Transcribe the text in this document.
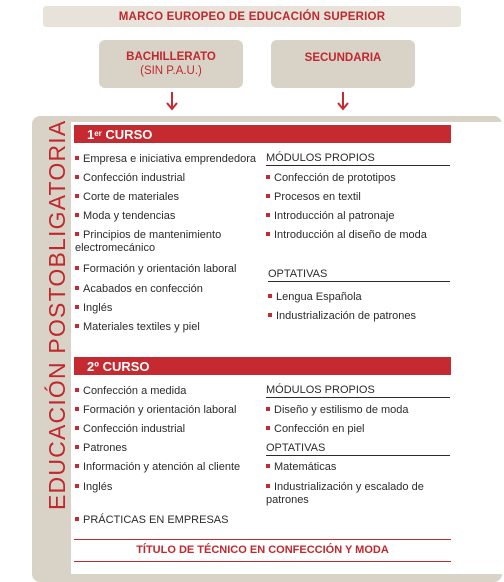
MARCO EUROPEO DE EDUCACIÓN SUPERIOR
BACHILLERATO
(SIN P.A.U.)
SECUNDARIA
EDUCACIÓN POSTOBLIGATORIA 1er CURSO
Empresa e iniciativa emprendedora
Confección industrial
Corte de materiales
Moda y tendencias
Principios de mantenimiento electromecánico
Formación y orientación laboral
Acabados en confección
Inglés
Materiales textiles y piel
MÓDULOS PROPIOS
Confección de prototipos
Procesos en textil
Introducción al patronaje
Introducción al diseño de moda
OPTATIVAS
Lengua Española
Industrialización de patrones
2º CURSO
Confección a medida
Formación y orientación laboral
Confección industrial
Patrones
Información y atención al cliente
Inglés
PRÁCTICAS EN EMPRESAS
MÓDULOS PROPIOS
Diseño y estilismo de moda
Confección en piel
OPTATIVAS
Matemáticas
Industrialización y escalado de patrones
TÍTULO DE TÉCNICO EN CONFECCIÓN Y MODA
